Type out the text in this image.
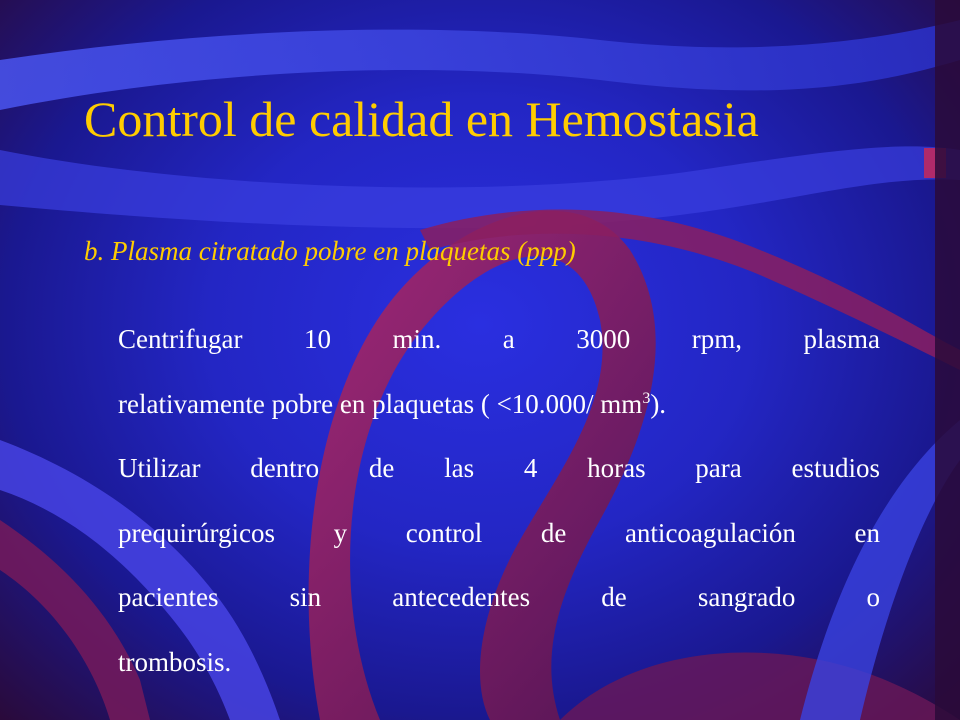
Control de calidad en Hemostasia

b. Plasma citratado pobre en plaquetas (ppp)

Centrifugar 10 min. a 3000 rpm, plasma
relativamente pobre en plaquetas ( <10.000/ $mm^3$).
Utilizar dentro de las 4 horas para estudios
prequirúrgicos y control de anticoagulación en
pacientes sin antecedentes de sangrado o
trombosis.
